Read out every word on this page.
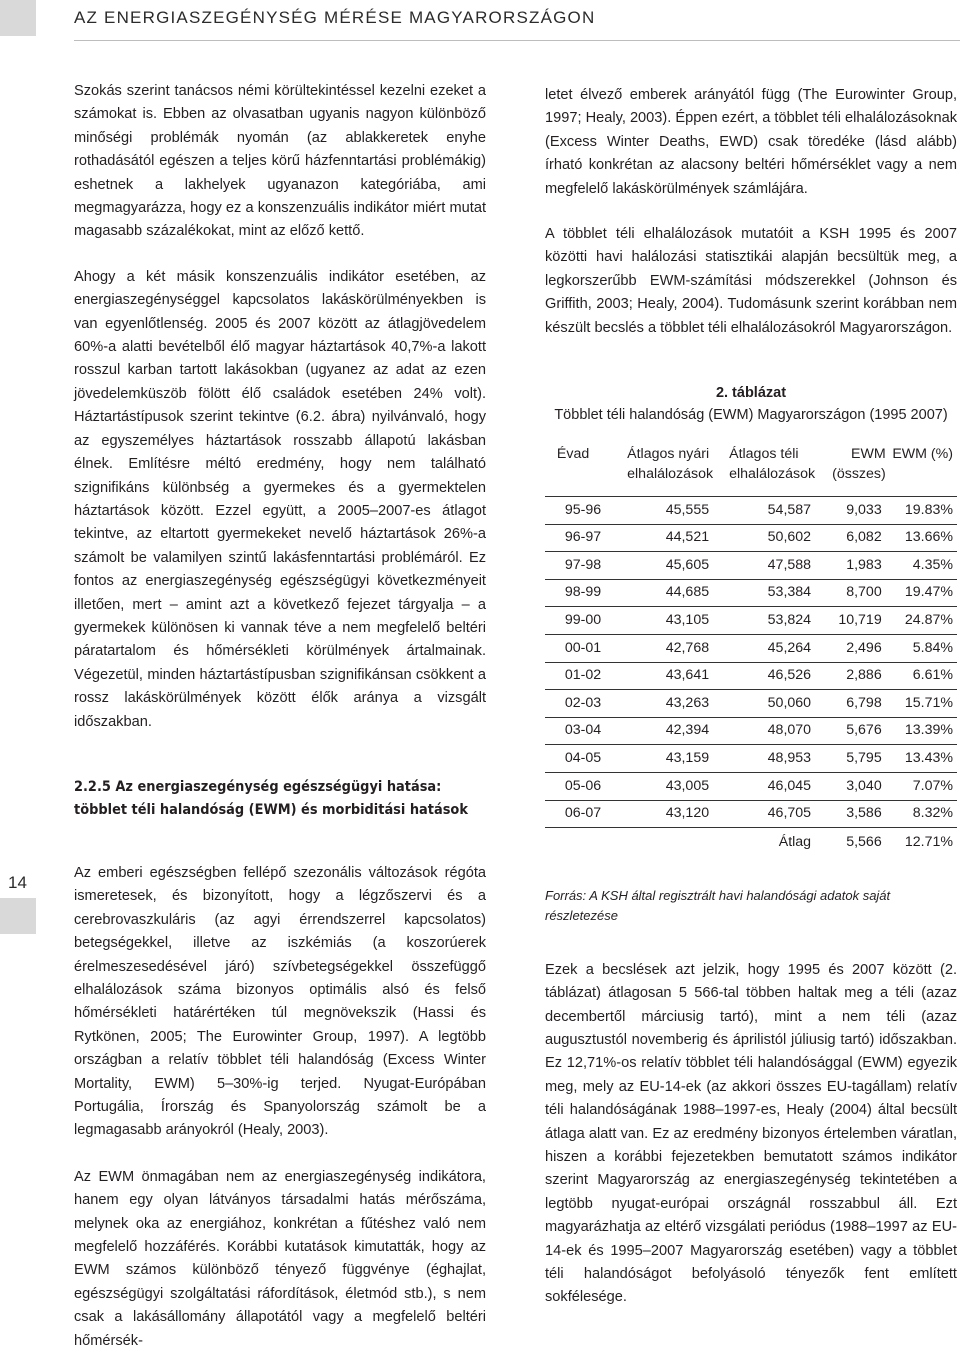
AZ ENERGIASZEGÉNYSÉG MÉRÉSE MAGYARORSZÁGON
14

Szokás szerint tanácsos némi körültekintéssel kezelni ezeket a számokat is. Ebben az olvasatban ugyanis nagyon különböző minőségi problémák nyomán (az ablakkeretek enyhe rothadásától egészen a teljes körű házfenntartási problémákig) eshetnek a lakhelyek ugyanazon kategóriába, ami megmagyarázza, hogy ez a konszenzuális indikátor miért mutat magasabb százalékokat, mint az előző kettő.

Ahogy a két másik konszenzuális indikátor esetében, az energiaszegénységgel kapcsolatos lakáskörülményekben is van egyenlőtlenség. 2005 és 2007 között az átlagjövedelem 60%-a alatti bevételből élő magyar háztartások 40,7%-a lakott rosszul karban tartott lakásokban (ugyanez az adat az ezen jövedelemküszöb fölött élő családok esetében 24% volt). Háztartástípusok szerint tekintve (6.2. ábra) nyilvánvaló, hogy az egyszemélyes háztartások rosszabb állapotú lakásban élnek. Említésre méltó eredmény, hogy nem található szignifikáns különbség a gyermekes és a gyermektelen háztartások között. Ezzel együtt, a 2005–2007-es átlagot tekintve, az eltartott gyermekeket nevelő háztartások 26%-a számolt be valamilyen szintű lakásfenntartási problémáról. Ez fontos az energiaszegénység egészségügyi következményeit illetően, mert – amint azt a következő fejezet tárgyalja – a gyermekek különösen ki vannak téve a nem megfelelő beltéri páratartalom és hőmérsékleti körülmények ártalmainak. Végezetül, minden háztartástípusban szignifikánsan csökkent a rossz lakáskörülmények között élők aránya a vizsgált időszakban.

2.2.5 Az energiaszegénység egészségügyi hatása: többlet téli halandóság (EWM) és morbiditási hatások

Az emberi egészségben fellépő szezonális változások régóta ismeretesek, és bizonyított, hogy a légzőszervi és a cerebrovaszkuláris (az agyi érrendszerrel kapcsolatos) betegségekkel, illetve az iszkémiás (a koszorúerek érelmeszesedésével járó) szívbetegségekkel összefüggő elhalálozások száma bizonyos optimális alsó és felső hőmérsékleti határértéken túl megnövekszik (Hassi és Rytkönen, 2005; The Eurowinter Group, 1997). A legtöbb országban a relatív többlet téli halandóság (Excess Winter Mortality, EWM) 5–30%-ig terjed. Nyugat-Európában Portugália, Írország és Spanyolország számolt be a legmagasabb arányokról (Healy, 2003).

Az EWM önmagában nem az energiaszegénység indikátora, hanem egy olyan látványos társadalmi hatás mérőszáma, melynek oka az energiához, konkrétan a fűtéshez való nem megfelelő hozzáférés. Korábbi kutatások kimutatták, hogy az EWM számos különböző tényező függvénye (éghajlat, egészségügyi szolgáltatási ráfordítások, életmód stb.), s nem csak a lakásállomány állapotától vagy a megfelelő beltéri hőmérsék-

letet élvező emberek arányától függ (The Eurowinter Group, 1997; Healy, 2003). Éppen ezért, a többlet téli elhalálozásoknak (Excess Winter Deaths, EWD) csak töredéke (lásd alább) írható konkrétan az alacsony beltéri hőmérséklet vagy a nem megfelelő lakáskörülmények számlájára.

A többlet téli elhalálozások mutatóit a KSH 1995 és 2007 közötti havi halálozási statisztikái alapján becsültük meg, a legkorszerűbb EWM-számítási módszerekkel (Johnson és Griffith, 2003; Healy, 2004). Tudomásunk szerint korábban nem készült becslés a többlet téli elhalálozásokról Magyarországon.

2. táblázat
Többlet téli halandóság (EWM) Magyarországon (1995 2007)
Évad	Átlagos nyári elhalálozások	Átlagos téli elhalálozások	EWM (összes)	EWM (%)
95-96	45,555	54,587	9,033	19.83%
96-97	44,521	50,602	6,082	13.66%
97-98	45,605	47,588	1,983	4.35%
98-99	44,685	53,384	8,700	19.47%
99-00	43,105	53,824	10,719	24.87%
00-01	42,768	45,264	2,496	5.84%
01-02	43,641	46,526	2,886	6.61%
02-03	43,263	50,060	6,798	15.71%
03-04	42,394	48,070	5,676	13.39%
04-05	43,159	48,953	5,795	13.43%
05-06	43,005	46,045	3,040	7.07%
06-07	43,120	46,705	3,586	8.32%
		Átlag	5,566	12.71%
Forrás: A KSH által regisztrált havi halandósági adatok saját részletezése

Ezek a becslések azt jelzik, hogy 1995 és 2007 között (2. táblázat) átlagosan 5 566-tal többen haltak meg a téli (azaz decembertől márciusig tartó), mint a nem téli (azaz augusztustól novemberig és áprilistól júliusig tartó) időszakban. Ez 12,71%-os relatív többlet téli halandósággal (EWM) egyezik meg, mely az EU-14-ek (az akkori összes EU-tagállam) relatív téli halandóságának 1988–1997-es, Healy (2004) által becsült átlaga alatt van. Ez az eredmény bizonyos értelemben váratlan, hiszen a korábbi fejezetekben bemutatott számos indikátor szerint Magyarország az energiaszegénység tekintetében a legtöbb nyugat-európai országnál rosszabbul áll. Ezt magyarázhatja az eltérő vizsgálati periódus (1988–1997 az EU-14-ek és 1995–2007 Magyarország esetében) vagy a többlet téli halandóságot befolyásoló tényezők fent említett sokfélesége.
